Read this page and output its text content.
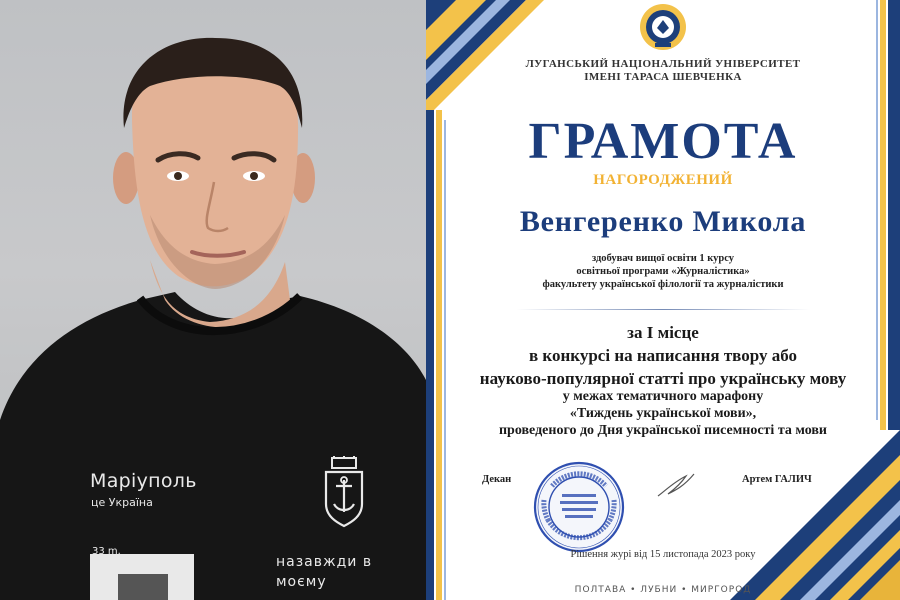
Маріуполь
це Україна
33 m.
назавжди в моєму
ЛУГАНСЬКИЙ НАЦІОНАЛЬНИЙ УНІВЕРСИТЕТ
ІМЕНІ ТАРАСА ШЕВЧЕНКА
ГРАМОТА
НАГОРОДЖЕНИЙ
Венгеренко Микола
здобувач вищої освіти 1 курсу
освітньої програми «Журналістика»
факультету української філології та журналістики
за І місце
в конкурсі на написання твору або
науково-популярної статті про українську мову
у межах тематичного марафону
«Тиждень української мови»,
проведеного до Дня української писемності та мови
Декан	Артем ГАЛИЧ
Рішення журі від 15 листопада 2023 року
ПОЛТАВА • ЛУБНИ • МИРГОРОД
